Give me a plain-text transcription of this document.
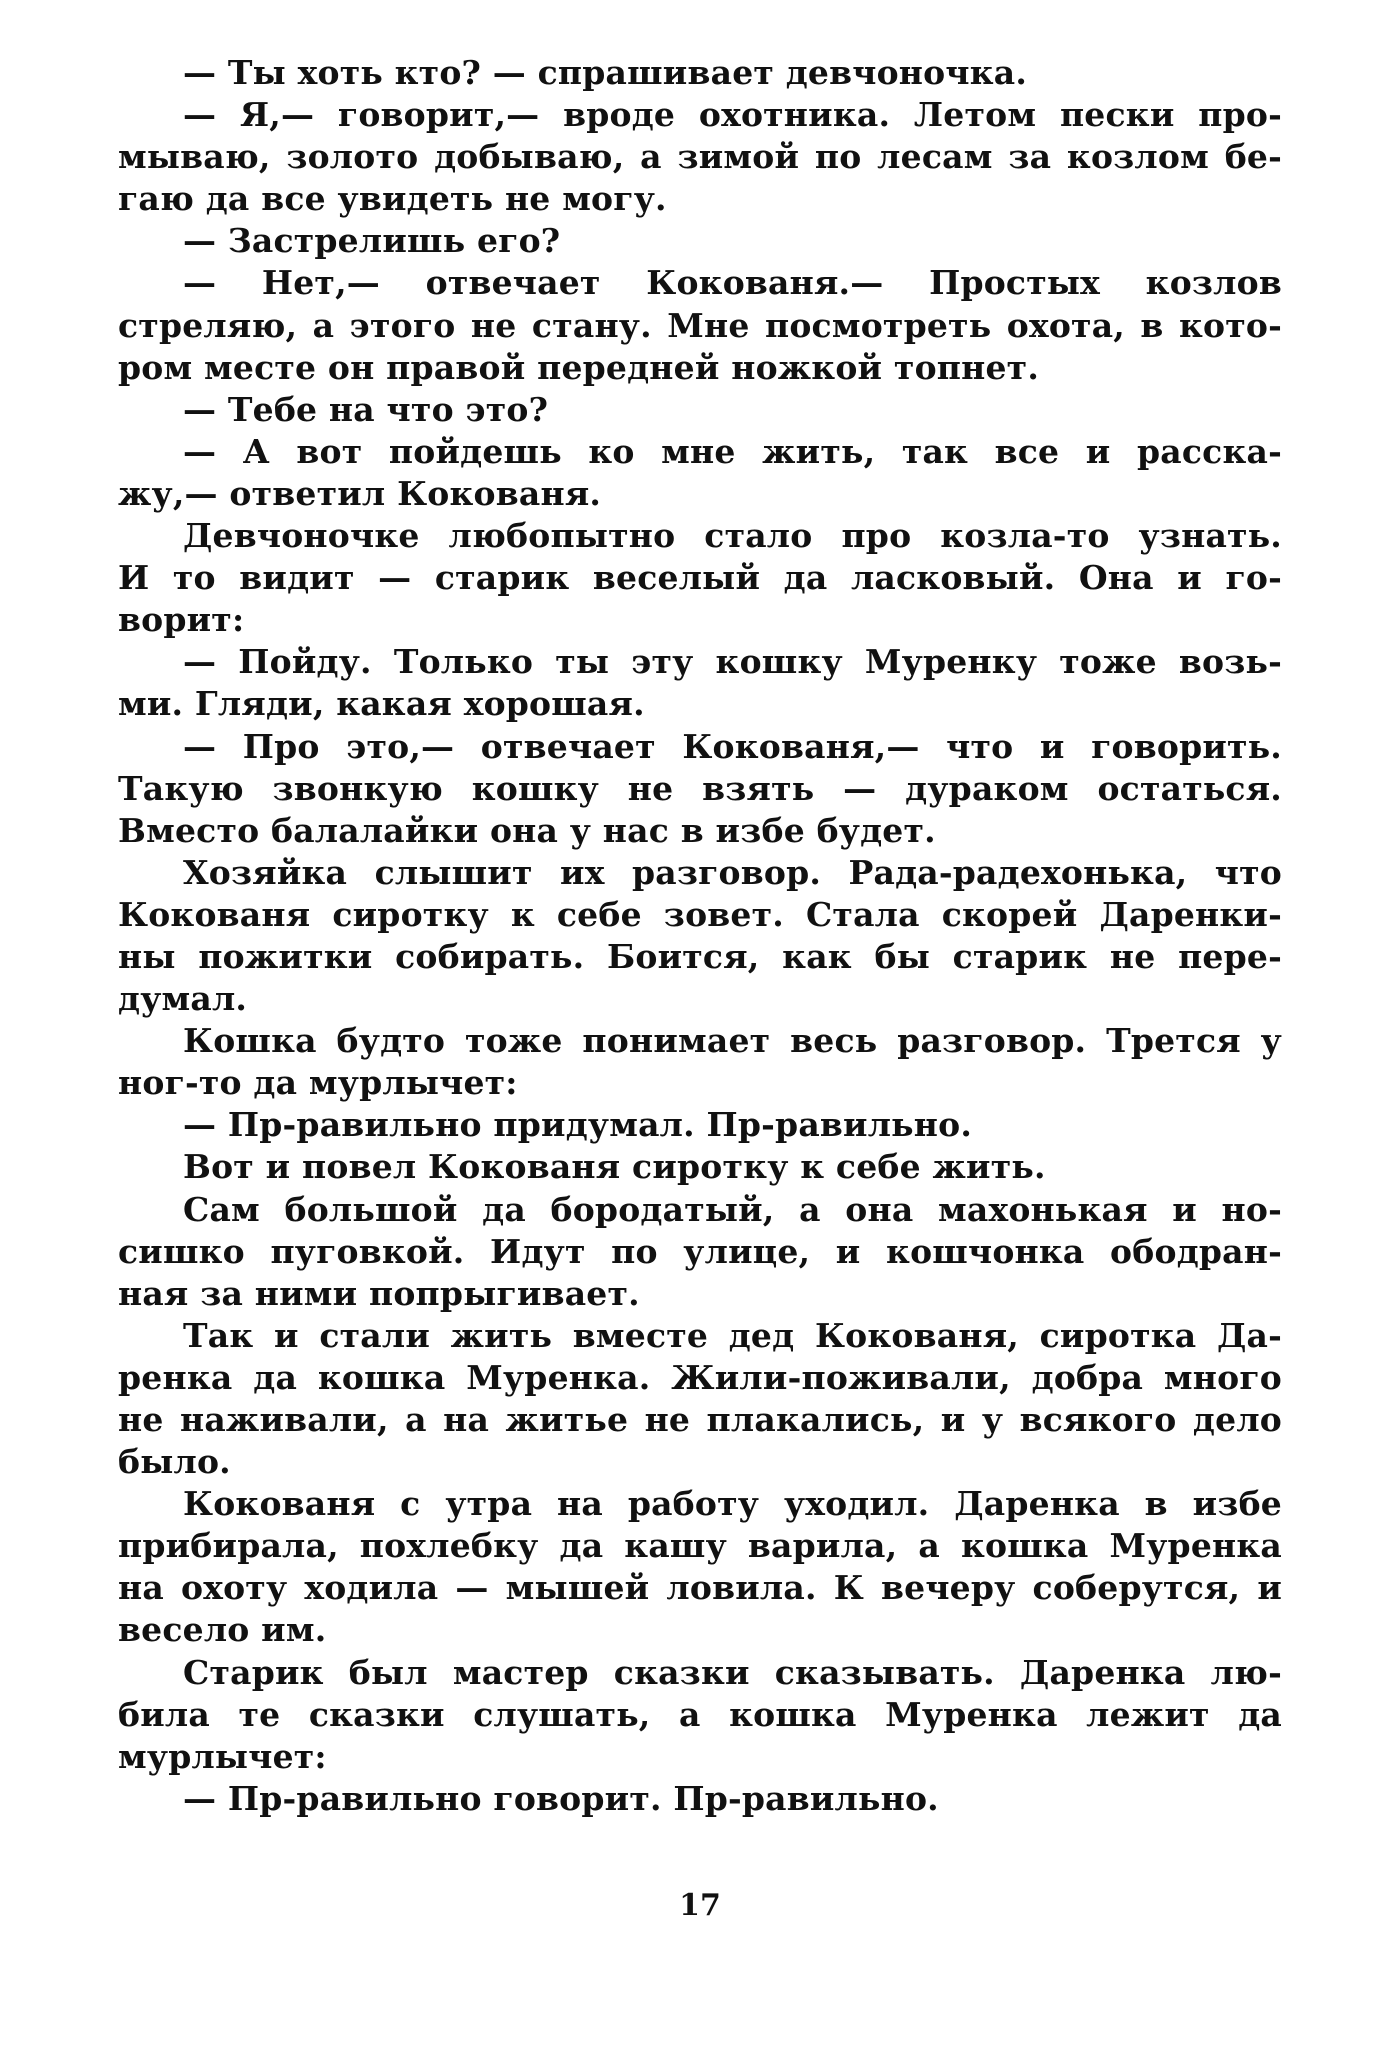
— Ты хоть кто? — спрашивает девчоночка.
— Я,— говорит,— вроде охотника. Летом пески про-
мываю, золото добываю, а зимой по лесам за козлом бе-
гаю да все увидеть не могу.
— Застрелишь его?
— Нет,— отвечает Кокованя.— Простых козлов
стреляю, а этого не стану. Мне посмотреть охота, в кото-
ром месте он правой передней ножкой топнет.
— Тебе на что это?
— А вот пойдешь ко мне жить, так все и расска-
жу,— ответил Кокованя.
Девчоночке любопытно стало про козла-то узнать.
И то видит — старик веселый да ласковый. Она и го-
ворит:
— Пойду. Только ты эту кошку Муренку тоже возь-
ми. Гляди, какая хорошая.
— Про это,— отвечает Кокованя,— что и говорить.
Такую звонкую кошку не взять — дураком остаться.
Вместо балалайки она у нас в избе будет.
Хозяйка слышит их разговор. Рада-радехонька, что
Кокованя сиротку к себе зовет. Стала скорей Даренки-
ны пожитки собирать. Боится, как бы старик не пере-
думал.
Кошка будто тоже понимает весь разговор. Трется у
ног-то да мурлычет:
— Пр-равильно придумал. Пр-равильно.
Вот и повел Кокованя сиротку к себе жить.
Сам большой да бородатый, а она махонькая и но-
сишко пуговкой. Идут по улице, и кошчонка ободран-
ная за ними попрыгивает.
Так и стали жить вместе дед Кокованя, сиротка Да-
ренка да кошка Муренка. Жили-поживали, добра много
не наживали, а на житье не плакались, и у всякого дело
было.
Кокованя с утра на работу уходил. Даренка в избе
прибирала, похлебку да кашу варила, а кошка Муренка
на охоту ходила — мышей ловила. К вечеру соберутся, и
весело им.
Старик был мастер сказки сказывать. Даренка лю-
била те сказки слушать, а кошка Муренка лежит да
мурлычет:
— Пр-равильно говорит. Пр-равильно.
17
